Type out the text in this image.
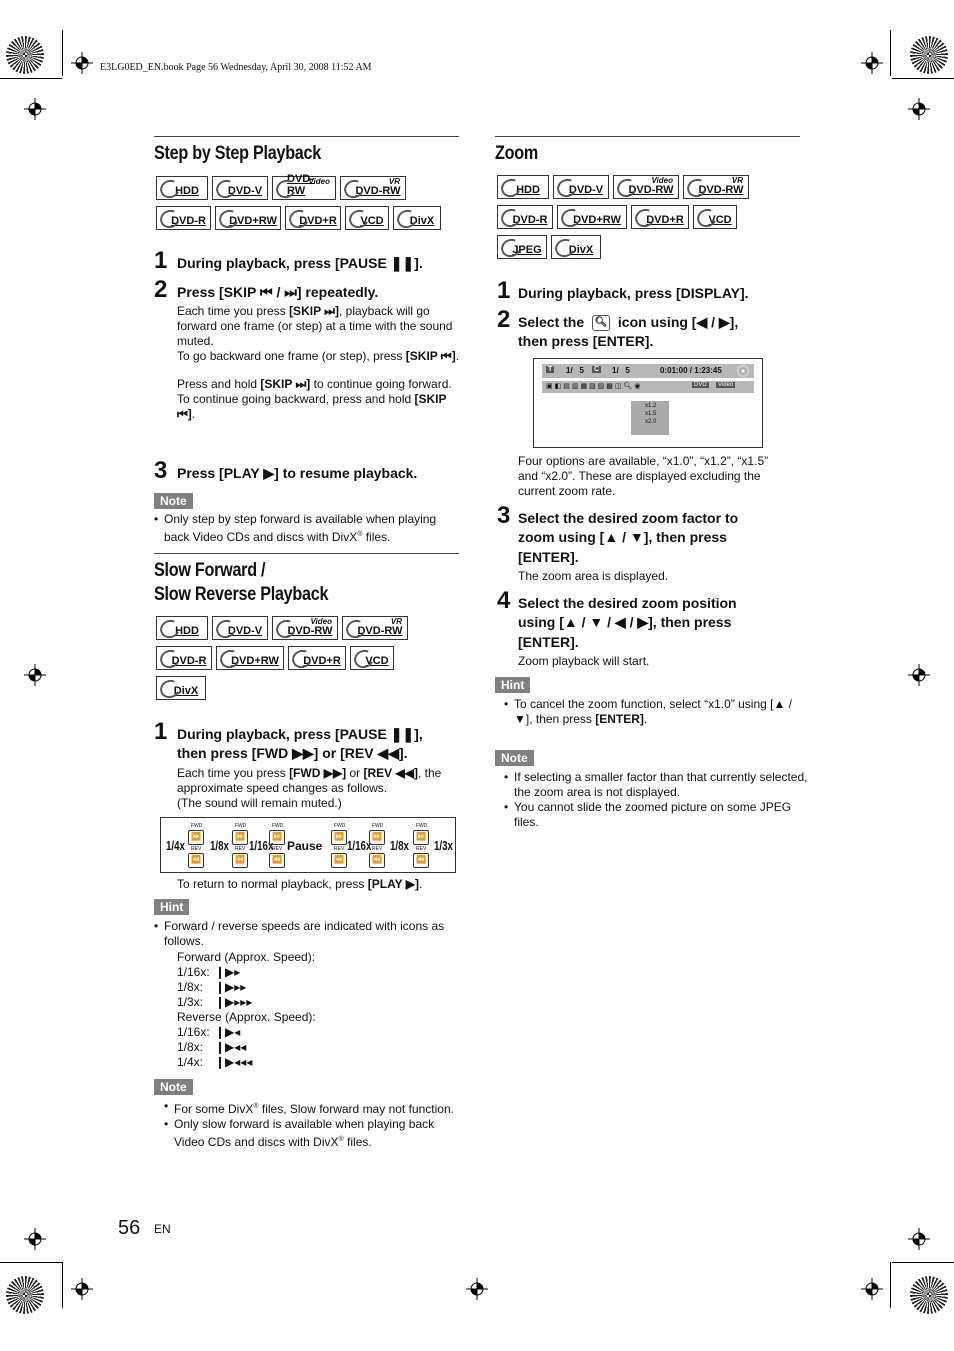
E3LG0ED_EN.book Page 56 Wednesday, April 30, 2008 11:52 AM
Step by Step Playback
HDD	DVD-V
Video
DVD-RW
VR
DVD-RW
DVD-R DVD+RW DVD+R VCD DivX
1 During playback, press [PAUSE ❚❚].
2 Press [SKIP ⏮ / ⏭] repeatedly.
Each time you press [SKIP ⏭], playback will go forward one frame (or step) at a time with the sound muted.
To go backward one frame (or step), press [SKIP ⏮].
Press and hold [SKIP ⏭] to continue going forward.
To continue going backward, press and hold [SKIP ⏮].
3 Press [PLAY ▶] to resume playback.
Note
• Only step by step forward is available when playing back Video CDs and discs with DivX® files.
Slow Forward /
Slow Reverse Playback
HDD	DVD-V
Video
DVD-RW
VR
DVD-RW
DVD-R DVD+RW DVD+R VCD
DivX
1 During playback, press [PAUSE ❚❚],
then press [FWD ▶▶] or [REV ◀◀].
Each time you press [FWD ▶▶] or [REV ◀◀], the approximate speed changes as follows.
(The sound will remain muted.)
1/4x
⏩
⏪
FWD
REV 1/8x
⏩
⏪
FWD
REV 1/16x
⏩
⏪
FWD
REV Pause
⏩
⏪
FWD
REV 1/16x
⏩
⏪
FWD
REV 1/8x
⏩
⏪
FWD
REV 1/3x
To return to normal playback, press [PLAY ▶].
Hint
• Forward / reverse speeds are indicated with icons as follows.
Forward (Approx. Speed):
1/16x: ❙▶▸
1/8x: ❙▶▸▸
1/3x: ❙▶▸▸▸
Reverse (Approx. Speed):
1/16x: ❙▶◂
1/8x: ❙▶◂◂
1/4x: ❙▶◂◂◂
Note
• For some DivX® files, Slow forward may not function.
• Only slow forward is available when playing back Video CDs and discs with DivX® files.
56 EN
Zoom
HDD	DVD-V
Video
DVD-RW
VR
DVD-RW
DVD-R DVD+RW DVD+R VCD
JPEG DivX
1 During playback, press [DISPLAY].
2 Select the 🔍︎ icon using [◀ / ▶],
then press [ENTER].
T 1/ 5 C 1/ 5	0:01:00 / 1:23:45
▣◧▤▥▦▧▨▩◫🔍︎◉	DVD	Video
x1.2
x1.5
x2.0
Four options are available, “x1.0”, “x1.2”, “x1.5” and “x2.0”. These are displayed excluding the current zoom rate.
3 Select the desired zoom factor to
zoom using [▲ / ▼], then press
[ENTER].
The zoom area is displayed.
4 Select the desired zoom position
using [▲ / ▼ / ◀ / ▶], then press
[ENTER].
Zoom playback will start.
Hint
• To cancel the zoom function, select “x1.0” using [▲ / ▼], then press [ENTER].
Note
• If selecting a smaller factor than that currently selected, the zoom area is not displayed.
• You cannot slide the zoomed picture on some JPEG files.
